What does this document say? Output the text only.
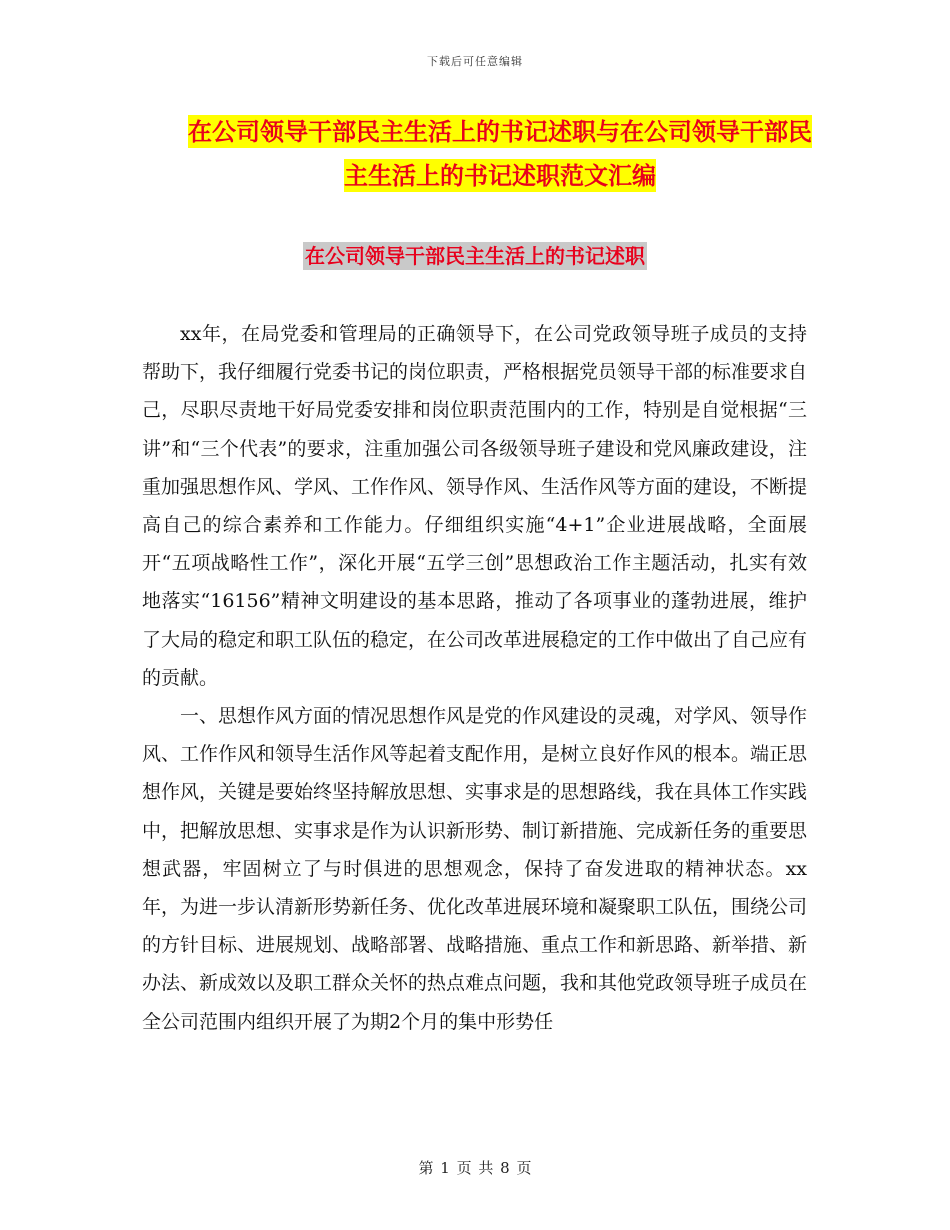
下载后可任意编辑
在公司领导干部民主生活上的书记述职与在公司领导干部民主生活上的书记述职范文汇编
在公司领导干部民主生活上的书记述职

xx年，在局党委和管理局的正确领导下，在公司党政领导班子成员的支持帮助下，我仔细履行党委书记的岗位职责，严格根据党员领导干部的标准要求自己，尽职尽责地干好局党委安排和岗位职责范围内的工作，特别是自觉根据“三讲”和“三个代表”的要求，注重加强公司各级领导班子建设和党风廉政建设，注重加强思想作风、学风、工作作风、领导作风、生活作风等方面的建设，不断提高自己的综合素养和工作能力。仔细组织实施“4+1”企业进展战略，全面展开“五项战略性工作”，深化开展“五学三创”思想政治工作主题活动，扎实有效地落实“16156”精神文明建设的基本思路，推动了各项事业的蓬勃进展，维护了大局的稳定和职工队伍的稳定，在公司改革进展稳定的工作中做出了自己应有的贡献。

一、思想作风方面的情况思想作风是党的作风建设的灵魂，对学风、领导作风、工作作风和领导生活作风等起着支配作用，是树立良好作风的根本。端正思想作风，关键是要始终坚持解放思想、实事求是的思想路线，我在具体工作实践中，把解放思想、实事求是作为认识新形势、制订新措施、完成新任务的重要思想武器，牢固树立了与时俱进的思想观念，保持了奋发进取的精神状态。xx年，为进一步认清新形势新任务、优化改革进展环境和凝聚职工队伍，围绕公司的方针目标、进展规划、战略部署、战略措施、重点工作和新思路、新举措、新办法、新成效以及职工群众关怀的热点难点问题，我和其他党政领导班子成员在全公司范围内组织开展了为期2个月的集中形势任

第 1 页 共 8 页
